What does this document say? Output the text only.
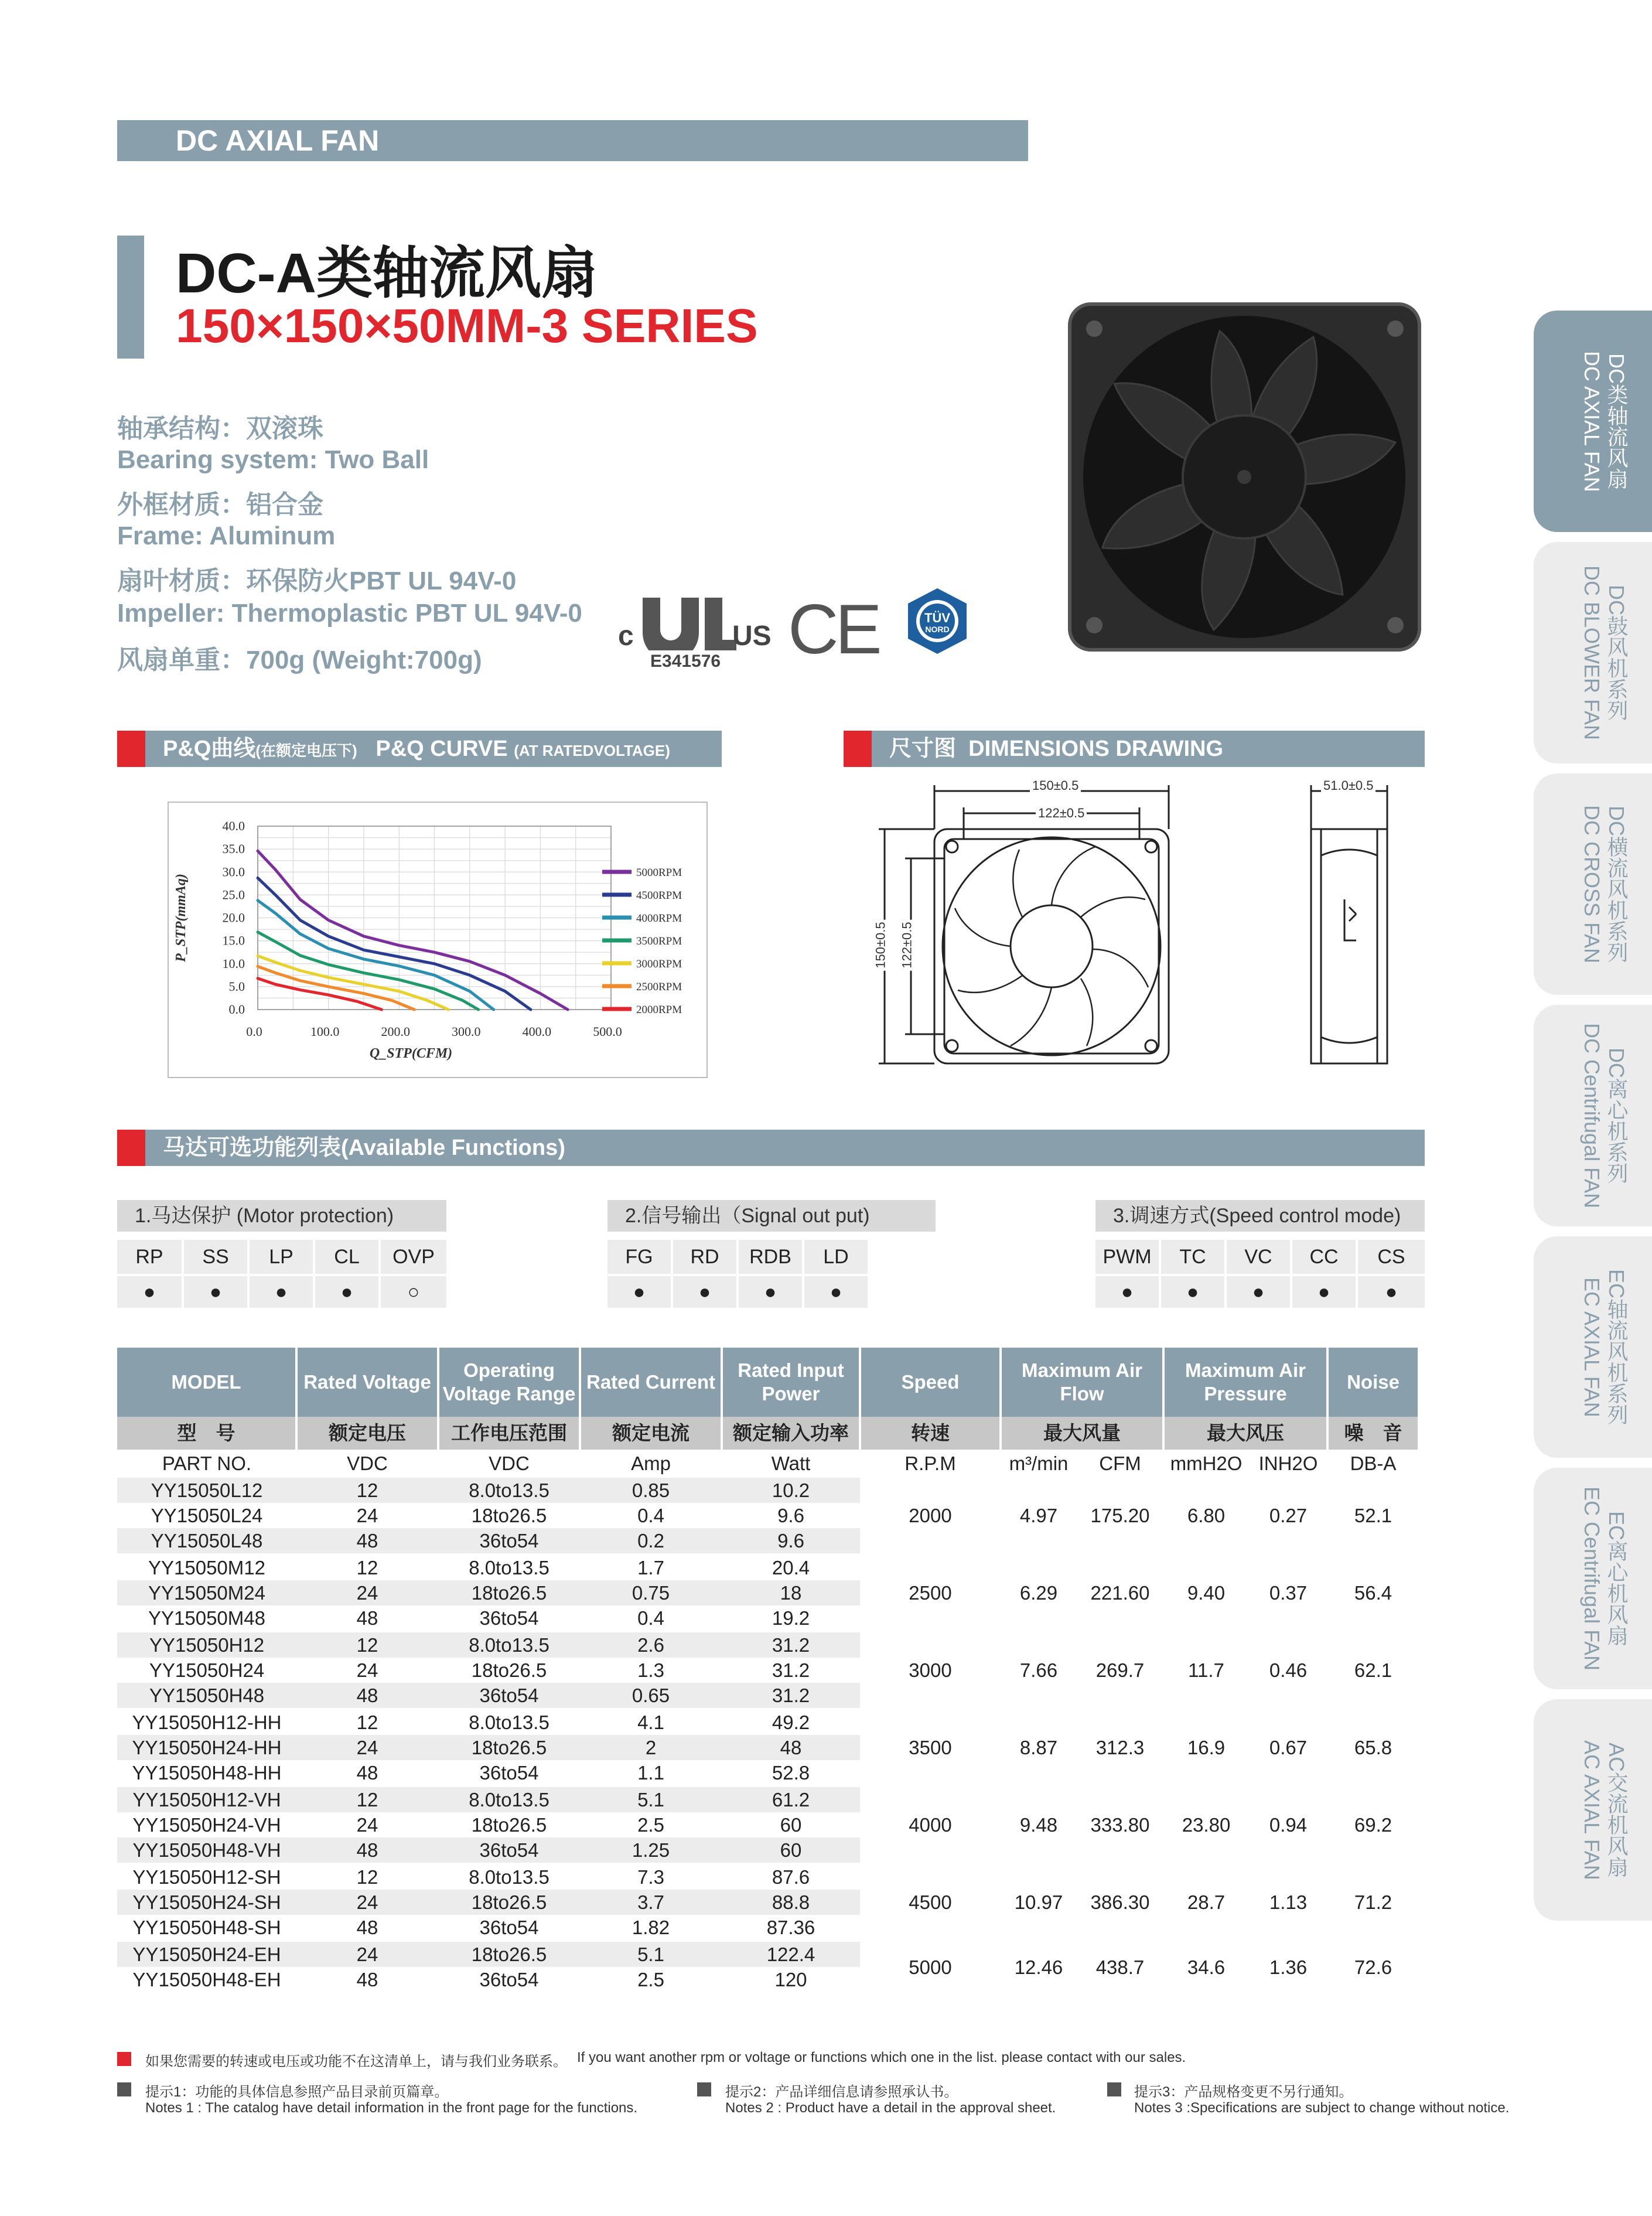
DC AXIAL FAN
DC-A类轴流风扇
150×150×50MM-3 SERIES
轴承结构：双滚珠
Bearing system: Two Ball
外框材质：铝合金
Frame: Aluminum
扇叶材质：环保防火PBT UL 94V-0
Impeller: Thermoplastic PBT UL 94V-0
风扇单重：700g (Weight:700g)
c	US
E341576 CE	TÜV
NORD
DC类轴流风扇
DC AXIAL FAN
DC鼓风机系列
DC BLOWER FAN
DC横流风机系列
DC CROSS FAN
DC离心机系列
DC Centrifugal FAN
EC轴流风机系列
EC AXIAL FAN
EC离心机风扇
EC Centrifugal FAN
AC交流机风扇
AC AXIAL FAN
P&Q曲线(在额定电压下) P&Q CURVE (AT RATEDVOLTAGE)	尺寸图 DIMENSIONS DRAWING
0.0
5.0
10.0
15.0
20.0
25.0
30.0
35.0
40.0
0.0	100.0	200.0	300.0	400.0	500.0
Q_STP(CFM)
P_STP(mmAq)
5000RPM
4500RPM
4000RPM
3500RPM
3000RPM
2500RPM
2000RPM
150±0.5
122±0.5
150±0.5 122±0.5
51.0±0.5
马达可选功能列表(Available Functions)
1.马达保护 (Motor protection)
RP	SS	LP	CL	OVP
●	●	●	●	○
2.信号输出（Signal out put)
FG	RD	RDB	LD
●	●	●	●
3.调速方式(Speed control mode)
PWM	TC	VC	CC	CS
●	●	●	●	●
MODEL	Rated Voltage	Operating Voltage Range	Rated Current	Rated Input Power	Speed	Maximum Air Flow		Maximum Air Pressure		Noise
型　号	额定电压	工作电压范围	额定电流	额定输入功率	转速	最大风量		最大风压		噪　音
PART NO.	VDC	VDC	Amp	Watt	R.P.M	m³/min	CFM	mmH2O	INH2O	DB-A
YY15050L12	12	8.0to13.5	0.85	10.2	2000	4.97	175.20	6.80	0.27	52.1
YY15050L24	24	18to26.5	0.4	9.6						
YY15050L48	48	36to54	0.2	9.6						
YY15050M12	12	8.0to13.5	1.7	20.4	2500	6.29	221.60	9.40	0.37	56.4
YY15050M24	24	18to26.5	0.75	18						
YY15050M48	48	36to54	0.4	19.2						
YY15050H12	12	8.0to13.5	2.6	31.2	3000	7.66	269.7	11.7	0.46	62.1
YY15050H24	24	18to26.5	1.3	31.2						
YY15050H48	48	36to54	0.65	31.2						
YY15050H12-HH	12	8.0to13.5	4.1	49.2	3500	8.87	312.3	16.9	0.67	65.8
YY15050H24-HH	24	18to26.5	2	48						
YY15050H48-HH	48	36to54	1.1	52.8						
YY15050H12-VH	12	8.0to13.5	5.1	61.2	4000	9.48	333.80	23.80	0.94	69.2
YY15050H24-VH	24	18to26.5	2.5	60						
YY15050H48-VH	48	36to54	1.25	60						
YY15050H12-SH	12	8.0to13.5	7.3	87.6	4500	10.97	386.30	28.7	1.13	71.2
YY15050H24-SH	24	18to26.5	3.7	88.8						
YY15050H48-SH	48	36to54	1.82	87.36						
YY15050H24-EH	24	18to26.5	5.1	122.4	5000	12.46	438.7	34.6	1.36	72.6
YY15050H48-EH	48	36to54	2.5	120						
如果您需要的转速或电压或功能不在这清单上，请与我们业务联系。 If you want another rpm or voltage or functions which one in the list. please contact with our sales.
提示1：功能的具体信息参照产品目录前页篇章。
Notes 1 : The catalog have detail information in the front page for the functions.
提示2：产品详细信息请参照承认书。
Notes 2 : Product have a detail in the approval sheet.
提示3：产品规格变更不另行通知。
Notes 3 :Specifications are subject to change without notice.
